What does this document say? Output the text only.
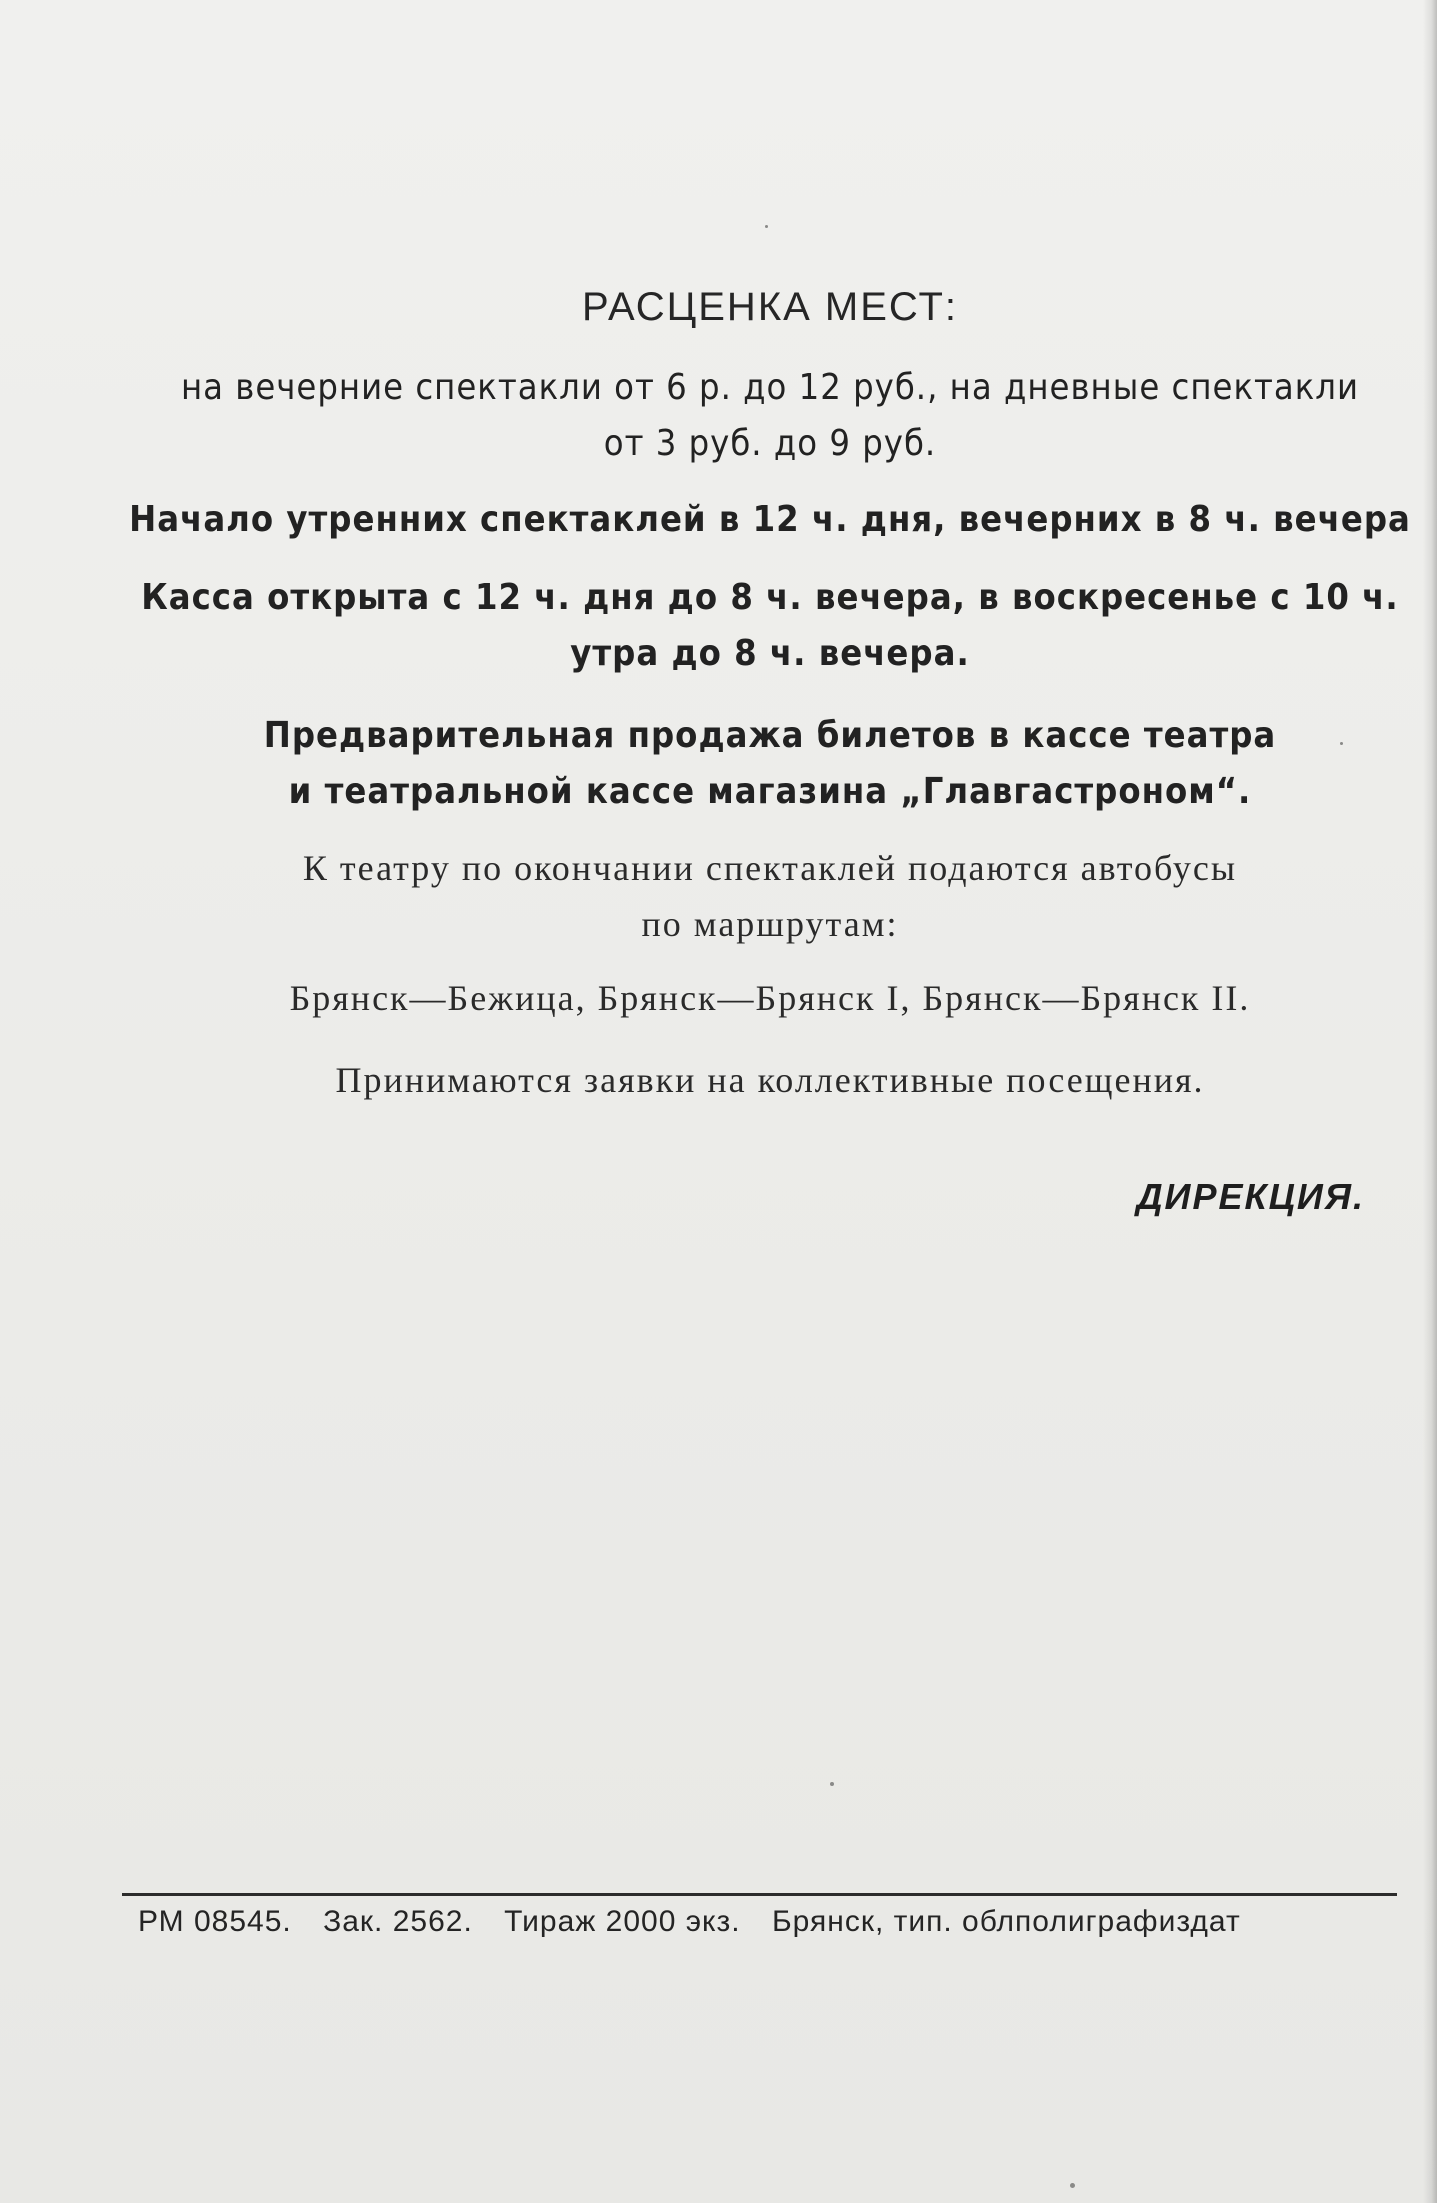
РАСЦЕНКА МЕСТ:
на вечерние спектакли от 6 р. до 12 руб., на дневные спектакли
от 3 руб. до 9 руб.
Начало утренних спектаклей в 12 ч. дня, вечерних в 8 ч. вечера
Касса открыта с 12 ч. дня до 8 ч. вечера, в воскресенье с 10 ч.
утра до 8 ч. вечера.
Предварительная продажа билетов в кассе театра
и театральной кассе магазина „Главгастроном“.
К театру по окончании спектаклей подаются автобусы
по маршрутам:
Брянск—Бежица, Брянск—Брянск I, Брянск—Брянск II.
Принимаются заявки на коллективные посещения.
ДИРЕКЦИЯ.
РМ 08545. Зак. 2562. Тираж 2000 экз. Брянск, тип. облполиграфиздат
